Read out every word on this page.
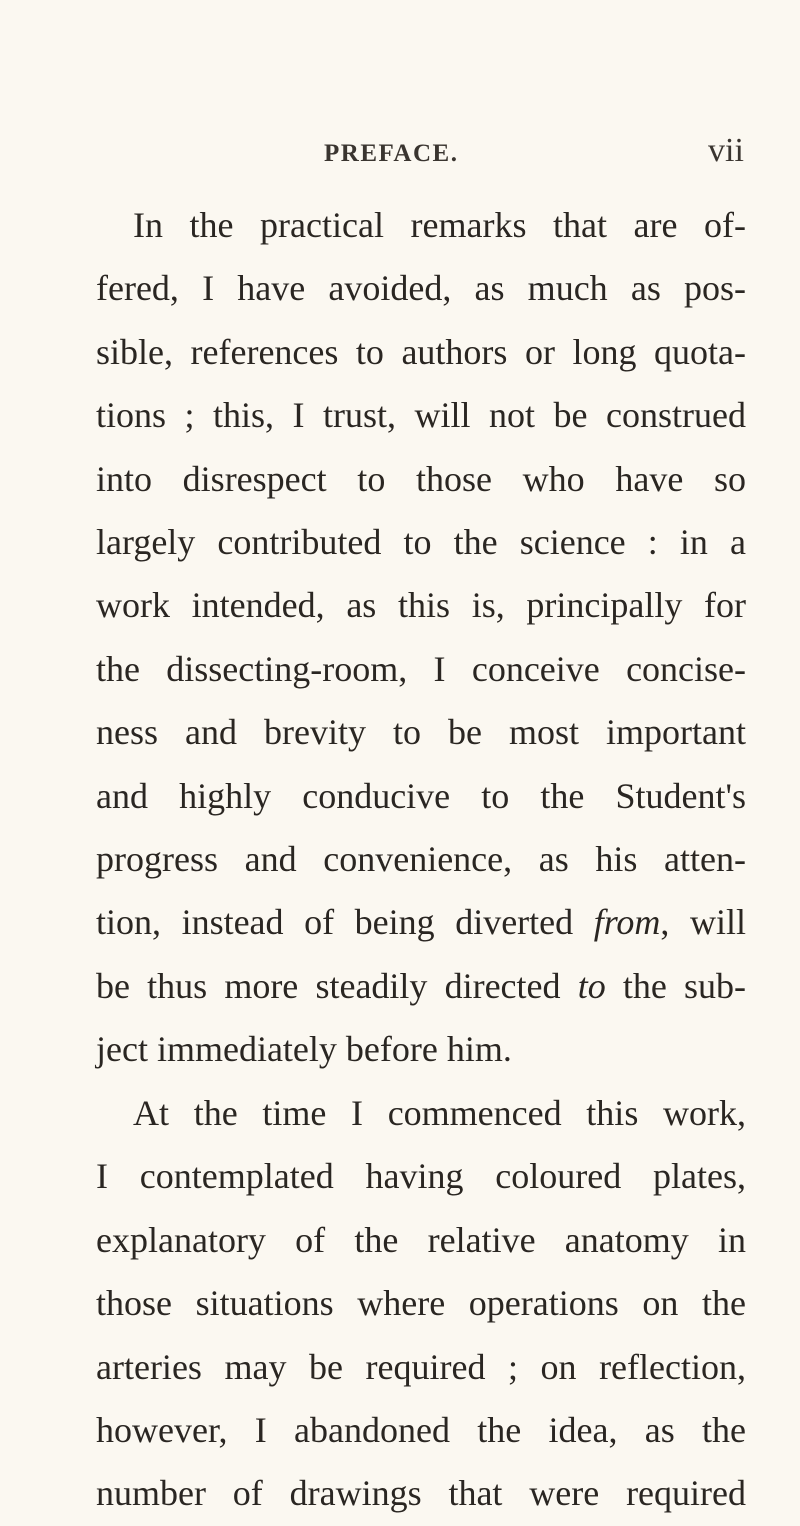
PREFACE.	vii
In the practical remarks that are of-
fered, I have avoided, as much as pos-
sible, references to authors or long quota-
tions ; this, I trust, will not be construed
into disrespect to those who have so
largely contributed to the science : in a
work intended, as this is, principally for
the dissecting-room, I conceive concise-
ness and brevity to be most important
and highly conducive to the Student's
progress and convenience, as his atten-
tion, instead of being diverted from, will
be thus more steadily directed to the sub-
ject immediately before him.
At the time I commenced this work,
I contemplated having coloured plates,
explanatory of the relative anatomy in
those situations where operations on the
arteries may be required ; on reflection,
however, I abandoned the idea, as the
number of drawings that were required
